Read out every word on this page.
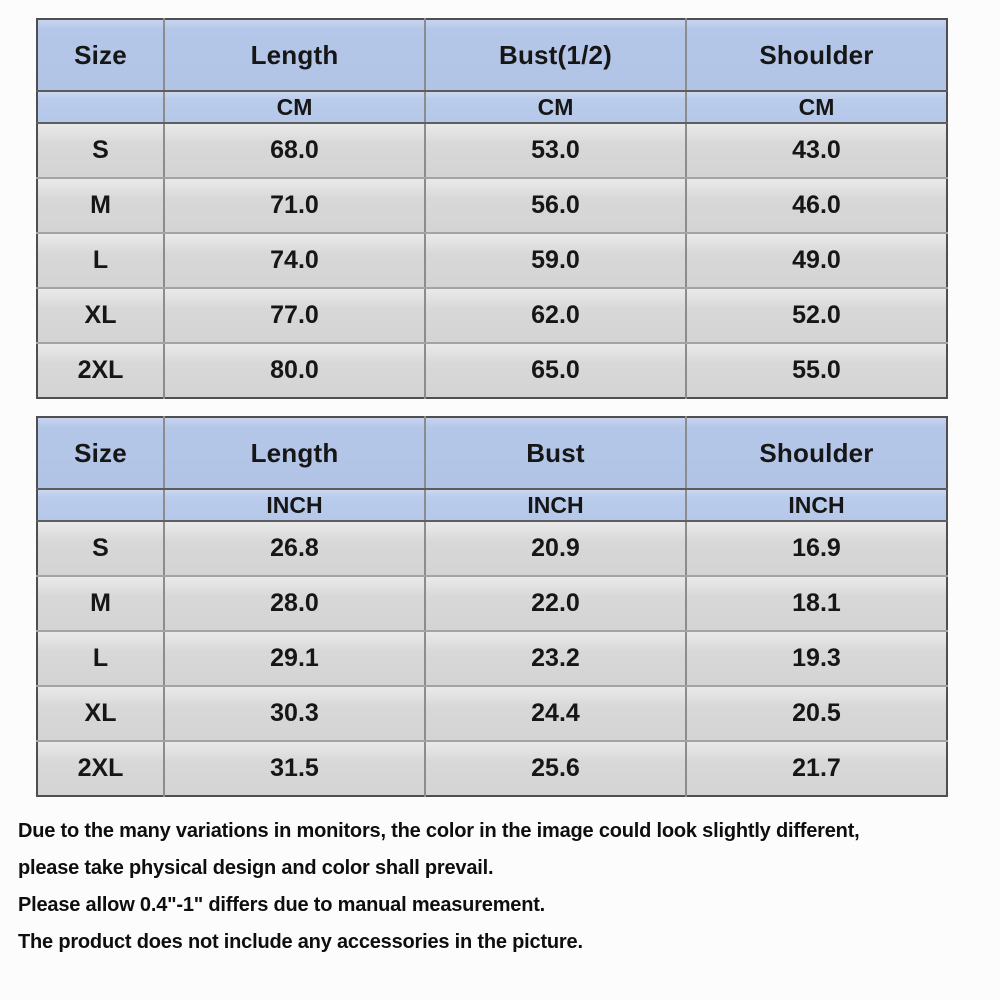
Size	Length	Bust(1/2)	Shoulder
	CM	CM	CM
S	68.0	53.0	43.0
M	71.0	56.0	46.0
L	74.0	59.0	49.0
XL	77.0	62.0	52.0
2XL	80.0	65.0	55.0
Size	Length	Bust	Shoulder
	INCH	INCH	INCH
S	26.8	20.9	16.9
M	28.0	22.0	18.1
L	29.1	23.2	19.3
XL	30.3	24.4	20.5
2XL	31.5	25.6	21.7

Due to the many variations in monitors, the color in the image could look slightly different,

please take physical design and color shall prevail.

Please allow 0.4"-1" differs due to manual measurement.

The product does not include any accessories in the picture.
